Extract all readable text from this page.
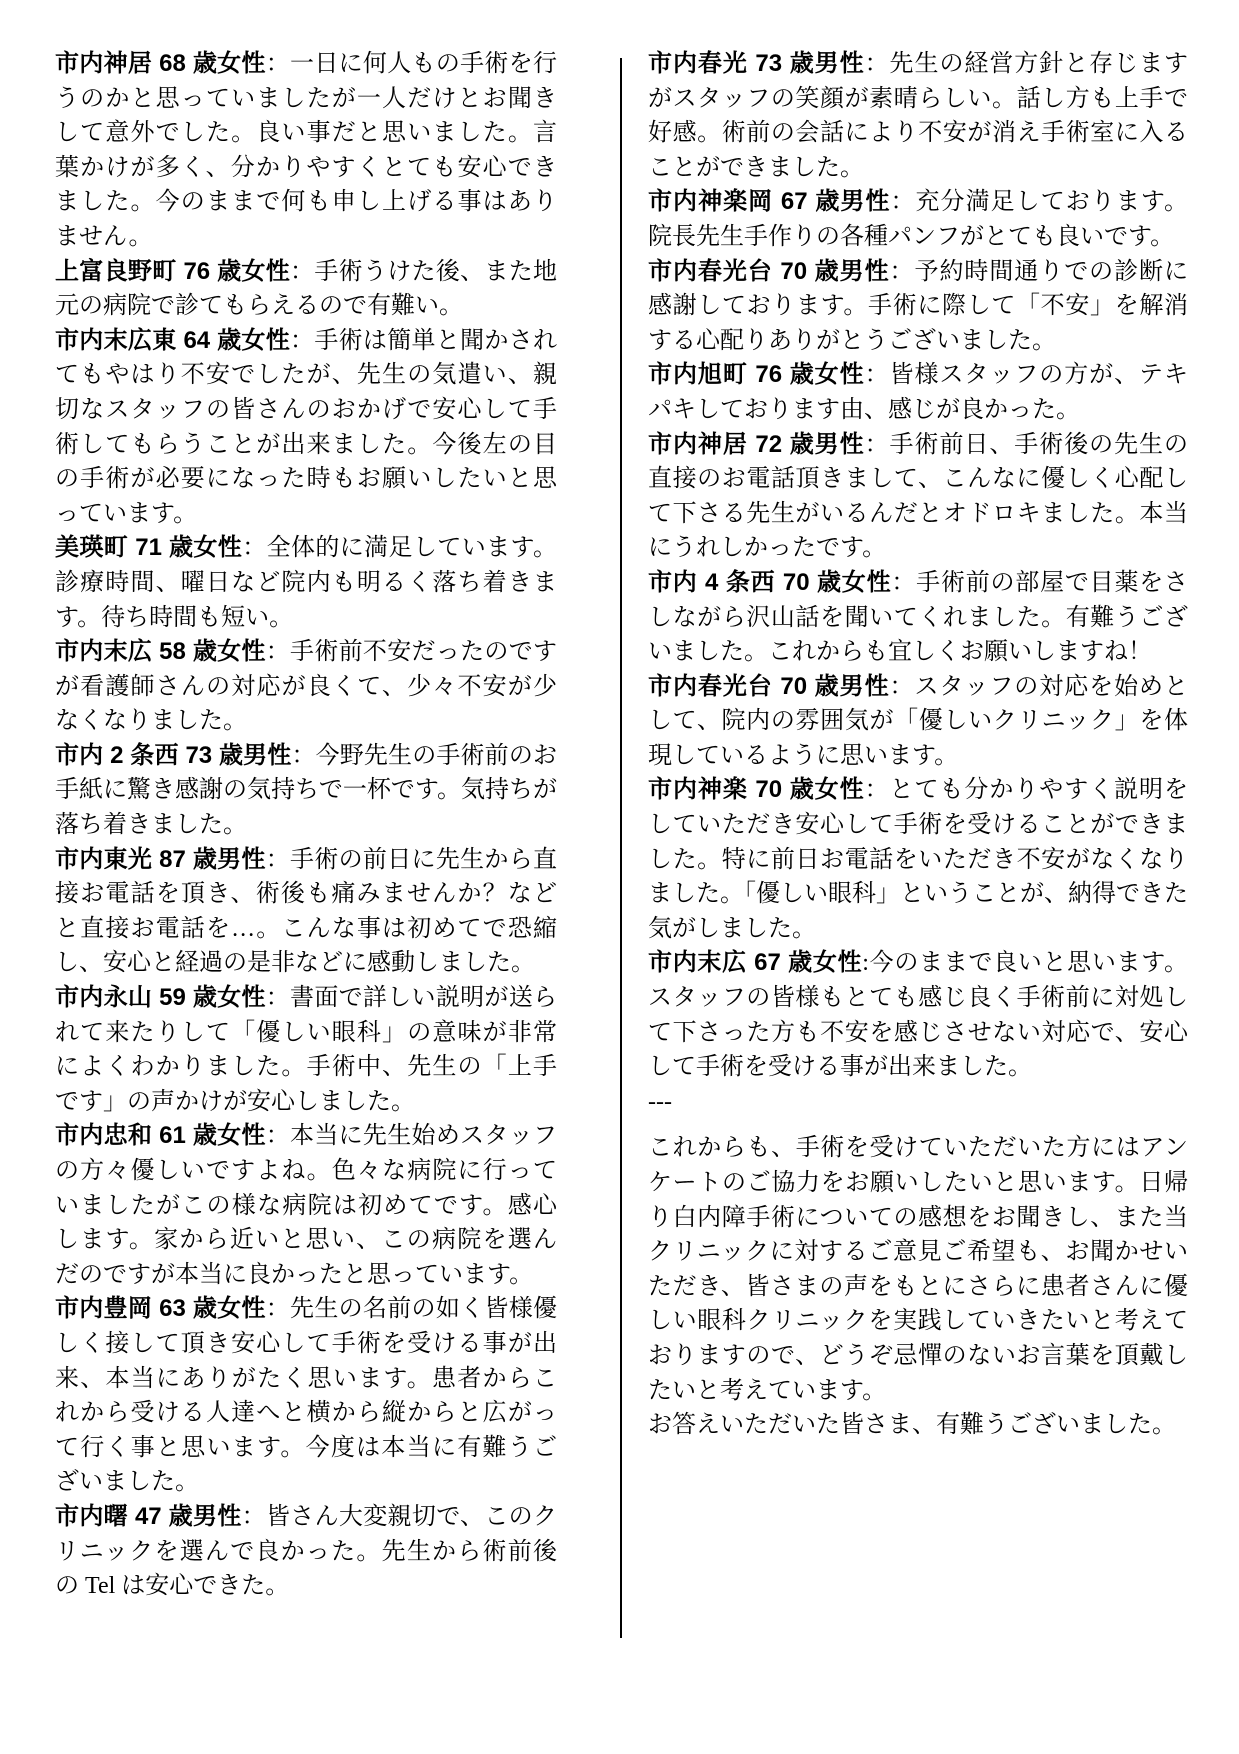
市内神居 68 歳女性：一日に何人もの手術を行うのかと思っていましたが一人だけとお聞きして意外でした。良い事だと思いました。言葉かけが多く、分かりやすくとても安心できました。今のままで何も申し上げる事はありません。

上富良野町 76 歳女性：手術うけた後、また地元の病院で診てもらえるので有難い。

市内末広東 64 歳女性：手術は簡単と聞かされてもやはり不安でしたが、先生の気遣い、親切なスタッフの皆さんのおかげで安心して手術してもらうことが出来ました。今後左の目の手術が必要になった時もお願いしたいと思っています。

美瑛町 71 歳女性：全体的に満足しています。診療時間、曜日など院内も明るく落ち着きます。待ち時間も短い。

市内末広 58 歳女性：手術前不安だったのですが看護師さんの対応が良くて、少々不安が少なくなりました。

市内 2 条西 73 歳男性：今野先生の手術前のお手紙に驚き感謝の気持ちで一杯です。気持ちが落ち着きました。

市内東光 87 歳男性：手術の前日に先生から直接お電話を頂き、術後も痛みませんか？などと直接お電話を…。こんな事は初めてで恐縮し、安心と経過の是非などに感動しました。

市内永山 59 歳女性：書面で詳しい説明が送られて来たりして「優しい眼科」の意味が非常によくわかりました。手術中、先生の「上手です」の声かけが安心しました。

市内忠和 61 歳女性：本当に先生始めスタッフの方々優しいですよね。色々な病院に行っていましたがこの様な病院は初めてです。感心します。家から近いと思い、この病院を選んだのですが本当に良かったと思っています。

市内豊岡 63 歳女性：先生の名前の如く皆様優しく接して頂き安心して手術を受ける事が出来、本当にありがたく思います。患者からこれから受ける人達へと横から縦からと広がって行く事と思います。今度は本当に有難うございました。

市内曙 47 歳男性：皆さん大変親切で、このクリニックを選んで良かった。先生から術前後の Tel は安心できた。

市内春光 73 歳男性：先生の経営方針と存じますがスタッフの笑顔が素晴らしい。話し方も上手で好感。術前の会話により不安が消え手術室に入ることができました。

市内神楽岡 67 歳男性：充分満足しております。院長先生手作りの各種パンフがとても良いです。

市内春光台 70 歳男性：予約時間通りでの診断に感謝しております。手術に際して「不安」を解消する心配りありがとうございました。

市内旭町 76 歳女性：皆様スタッフの方が、テキパキしております由、感じが良かった。

市内神居 72 歳男性：手術前日、手術後の先生の直接のお電話頂きまして、こんなに優しく心配して下さる先生がいるんだとオドロキました。本当にうれしかったです。

市内 4 条西 70 歳女性：手術前の部屋で目薬をさしながら沢山話を聞いてくれました。有難うございました。これからも宜しくお願いしますね！

市内春光台 70 歳男性：スタッフの対応を始めとして、院内の雰囲気が「優しいクリニック」を体現しているように思います。

市内神楽 70 歳女性：とても分かりやすく説明をしていただき安心して手術を受けることができました。特に前日お電話をいただき不安がなくなりました。「優しい眼科」ということが、納得できた気がしました。

市内末広 67 歳女性:今のままで良いと思います。スタッフの皆様もとても感じ良く手術前に対処して下さった方も不安を感じさせない対応で、安心して手術を受ける事が出来ました。

---

これからも、手術を受けていただいた方にはアンケートのご協力をお願いしたいと思います。日帰り白内障手術についての感想をお聞きし、また当クリニックに対するご意見ご希望も、お聞かせいただき、皆さまの声をもとにさらに患者さんに優しい眼科クリニックを実践していきたいと考えておりますので、どうぞ忌憚のないお言葉を頂戴したいと考えています。

お答えいただいた皆さま、有難うございました。
